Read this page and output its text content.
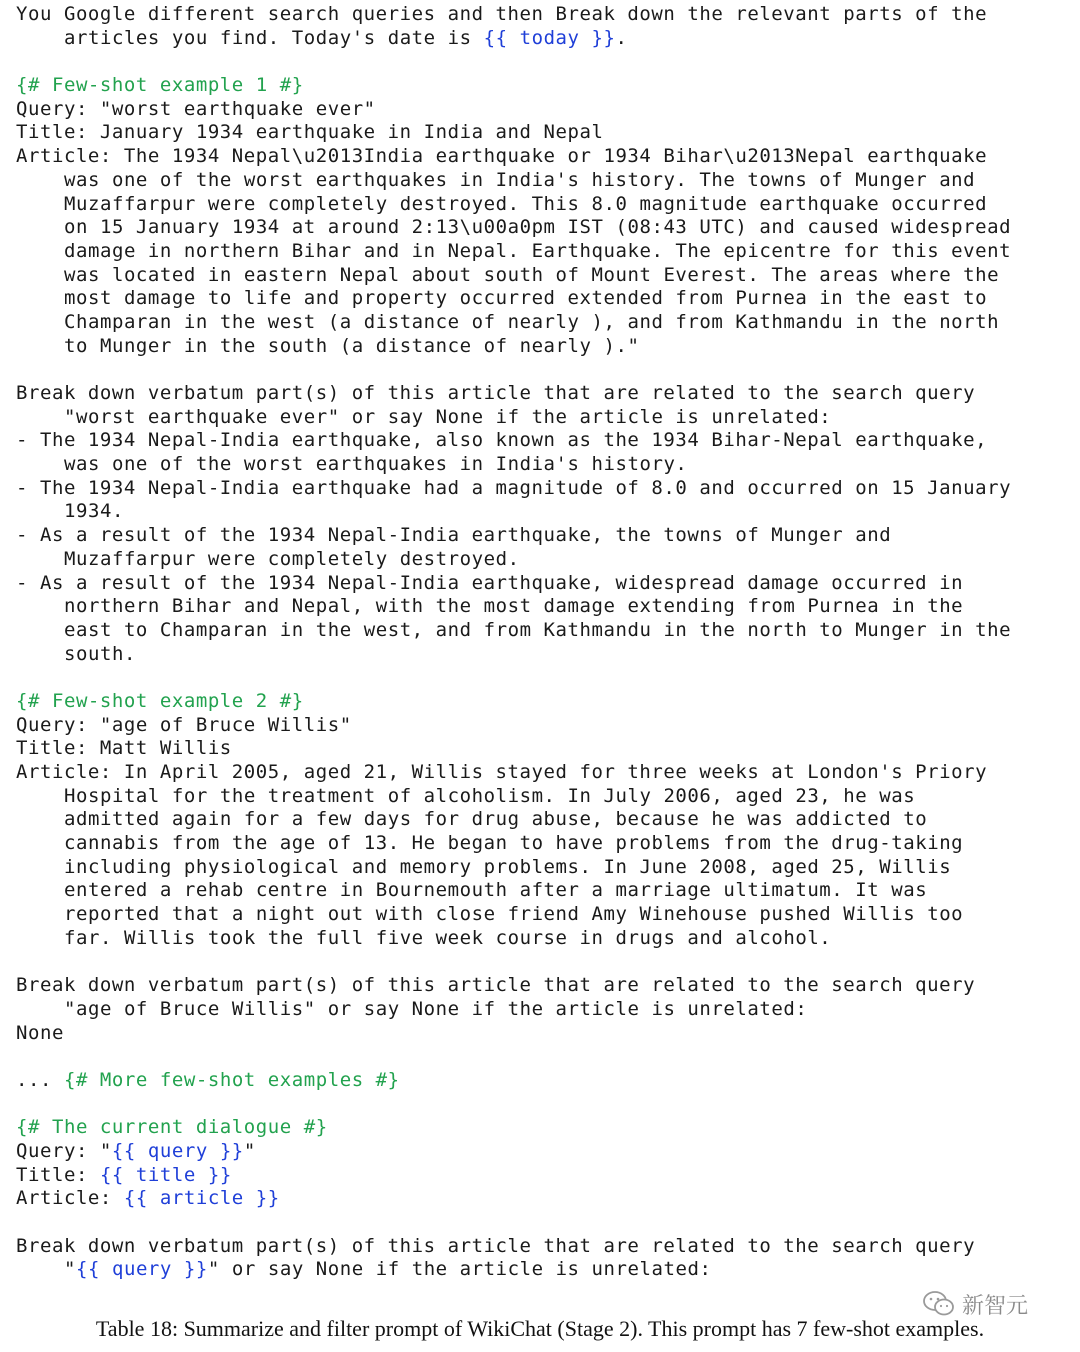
You Google different search queries and then Break down the relevant parts of the
articles you find. Today's date is {{ today }}.
{# Few-shot example 1 #}
Query: "worst earthquake ever"
Title: January 1934 earthquake in India and Nepal
Article: The 1934 Nepal\u2013India earthquake or 1934 Bihar\u2013Nepal earthquake
was one of the worst earthquakes in India's history. The towns of Munger and
Muzaffarpur were completely destroyed. This 8.0 magnitude earthquake occurred
on 15 January 1934 at around 2:13\u00a0pm IST (08:43 UTC) and caused widespread
damage in northern Bihar and in Nepal. Earthquake. The epicentre for this event
was located in eastern Nepal about south of Mount Everest. The areas where the
most damage to life and property occurred extended from Purnea in the east to
Champaran in the west (a distance of nearly ), and from Kathmandu in the north
to Munger in the south (a distance of nearly )."
Break down verbatum part(s) of this article that are related to the search query
"worst earthquake ever" or say None if the article is unrelated:
- The 1934 Nepal-India earthquake, also known as the 1934 Bihar-Nepal earthquake,
was one of the worst earthquakes in India's history.
- The 1934 Nepal-India earthquake had a magnitude of 8.0 and occurred on 15 January
1934.
- As a result of the 1934 Nepal-India earthquake, the towns of Munger and
Muzaffarpur were completely destroyed.
- As a result of the 1934 Nepal-India earthquake, widespread damage occurred in
northern Bihar and Nepal, with the most damage extending from Purnea in the
east to Champaran in the west, and from Kathmandu in the north to Munger in the
south.
{# Few-shot example 2 #}
Query: "age of Bruce Willis"
Title: Matt Willis
Article: In April 2005, aged 21, Willis stayed for three weeks at London's Priory
Hospital for the treatment of alcoholism. In July 2006, aged 23, he was
admitted again for a few days for drug abuse, because he was addicted to
cannabis from the age of 13. He began to have problems from the drug-taking
including physiological and memory problems. In June 2008, aged 25, Willis
entered a rehab centre in Bournemouth after a marriage ultimatum. It was
reported that a night out with close friend Amy Winehouse pushed Willis too
far. Willis took the full five week course in drugs and alcohol.
Break down verbatum part(s) of this article that are related to the search query
"age of Bruce Willis" or say None if the article is unrelated:
None
... {# More few-shot examples #}
{# The current dialogue #}
Query: "{{ query }}"
Title: {{ title }}
Article: {{ article }}
Break down verbatum part(s) of this article that are related to the search query
"{{ query }}" or say None if the article is unrelated:
新智元
Table 18: Summarize and filter prompt of WikiChat (Stage 2). This prompt has 7 few-shot examples.
